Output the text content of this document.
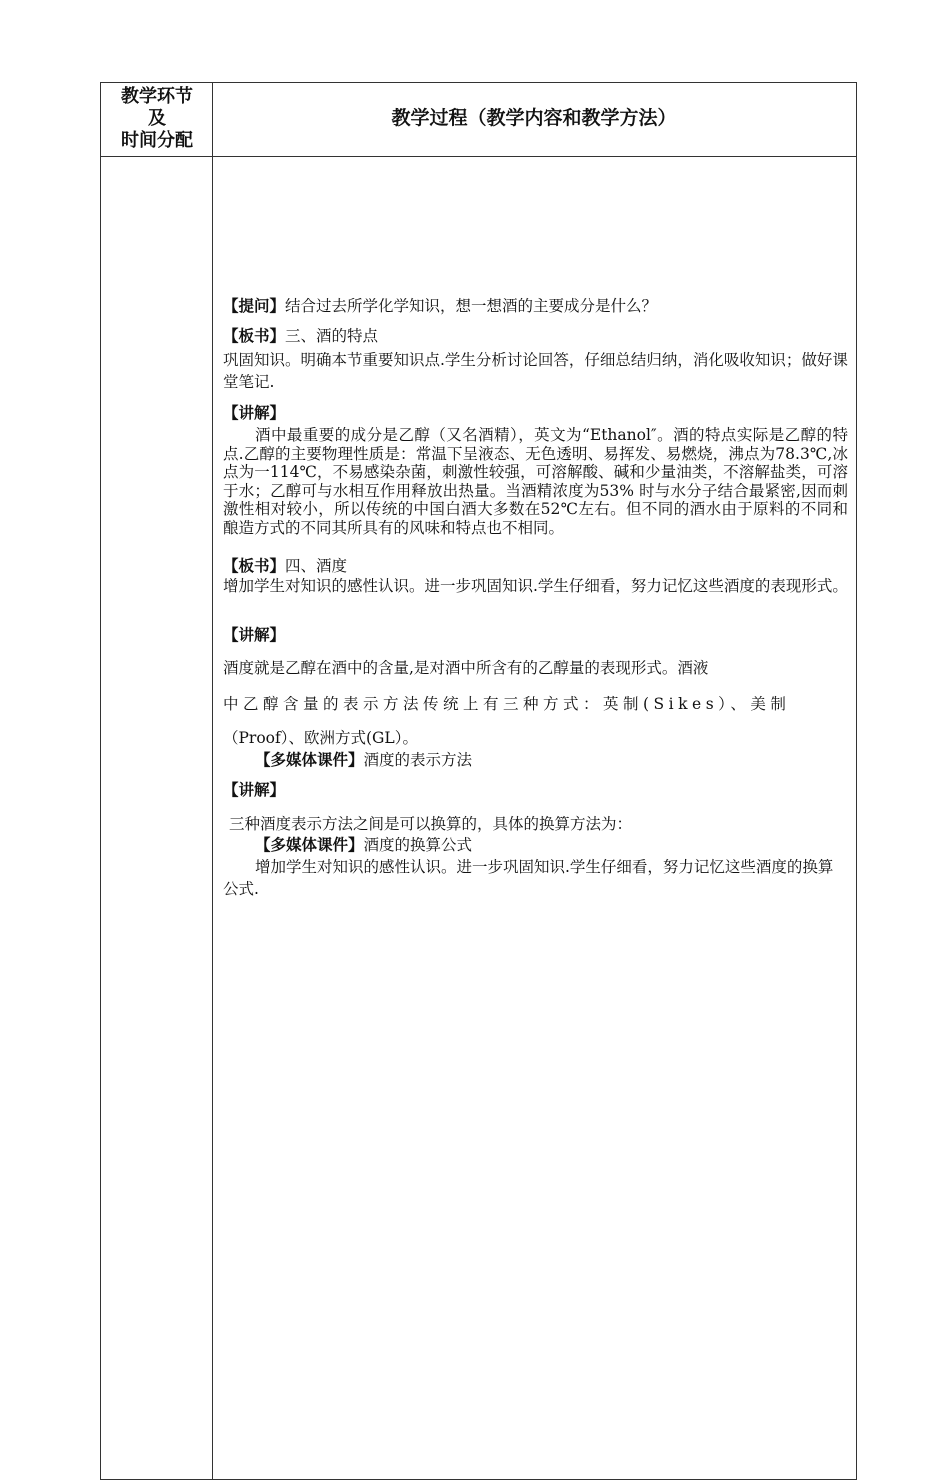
教学环节
及
时间分配
教学过程（教学内容和教学方法）

【提问】结合过去所学化学知识，想一想酒的主要成分是什么？

【板书】三、酒的特点

巩固知识。明确本节重要知识点.学生分析讨论回答，仔细总结归纳，消化吸收知识；做好课堂笔记.

【讲解】

酒中最重要的成分是乙醇（又名酒精），英文为“Ethanol″。酒的特点实际是乙醇的特点.乙醇的主要物理性质是：常温下呈液态、无色透明、易挥发、易燃烧，沸点为78.3℃,冰点为一114℃，不易感染杂菌，刺激性较强，可溶解酸、碱和少量油类，不溶解盐类，可溶于水；乙醇可与水相互作用释放出热量。当酒精浓度为53% 时与水分子结合最紧密,因而刺激性相对较小，所以传统的中国白酒大多数在52℃左右。但不同的酒水由于原料的不同和酿造方式的不同其所具有的风味和特点也不相同。

【板书】四、酒度

增加学生对知识的感性认识。进一步巩固知识.学生仔细看，努力记忆这些酒度的表现形式。

【讲解】

酒度就是乙醇在酒中的含量,是对酒中所含有的乙醇量的表现形式。酒液

中乙醇含量的表示方法传统上有三种方式：英制(Sikes）、美制

（Proof）、欧洲方式(GL）。

【多媒体课件】酒度的表示方法

【讲解】

三种酒度表示方法之间是可以换算的，具体的换算方法为：

【多媒体课件】酒度的换算公式

增加学生对知识的感性认识。进一步巩固知识.学生仔细看，努力记忆这些酒度的换算公式.
